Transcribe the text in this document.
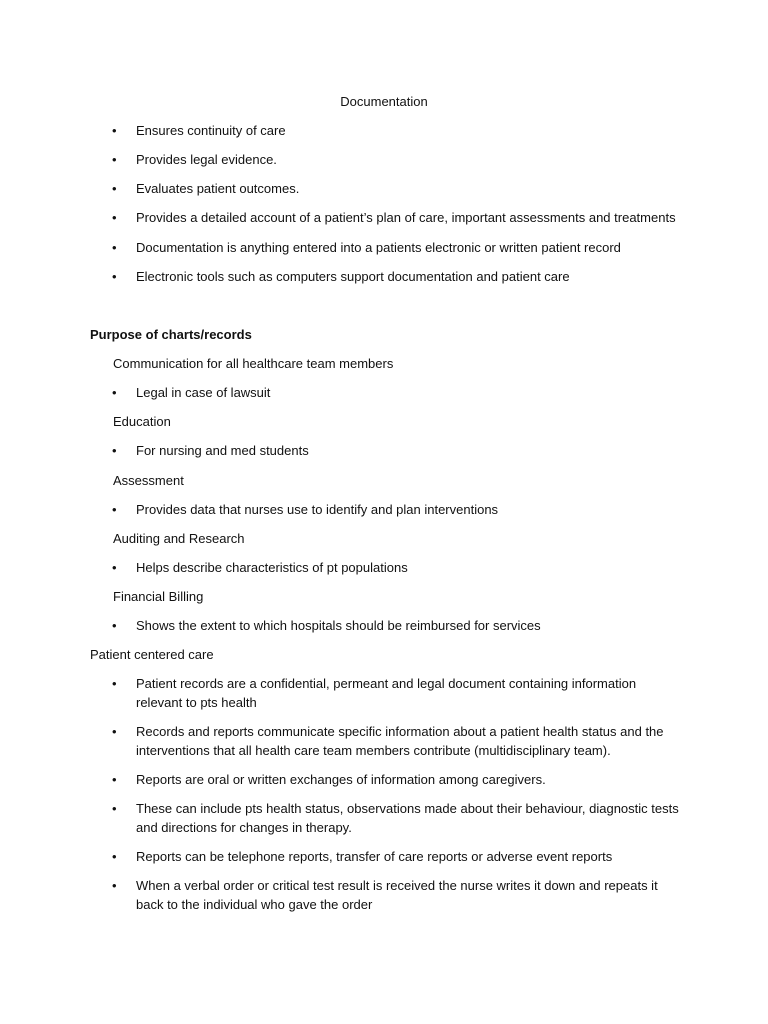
Documentation
• Ensures continuity of care
• Provides legal evidence.
• Evaluates patient outcomes.
• Provides a detailed account of a patient’s plan of care, important assessments and treatments
• Documentation is anything entered into a patients electronic or written patient record
• Electronic tools such as computers support documentation and patient care
Purpose of charts/records
Communication for all healthcare team members
• Legal in case of lawsuit
Education
• For nursing and med students
Assessment
• Provides data that nurses use to identify and plan interventions
Auditing and Research
• Helps describe characteristics of pt populations
Financial Billing
• Shows the extent to which hospitals should be reimbursed for services
Patient centered care
• Patient records are a confidential, permeant and legal document containing information relevant to pts health
• Records and reports communicate specific information about a patient health status and the interventions that all health care team members contribute (multidisciplinary team).
• Reports are oral or written exchanges of information among caregivers.
• These can include pts health status, observations made about their behaviour, diagnostic tests and directions for changes in therapy.
• Reports can be telephone reports, transfer of care reports or adverse event reports
• When a verbal order or critical test result is received the nurse writes it down and repeats it back to the individual who gave the order
